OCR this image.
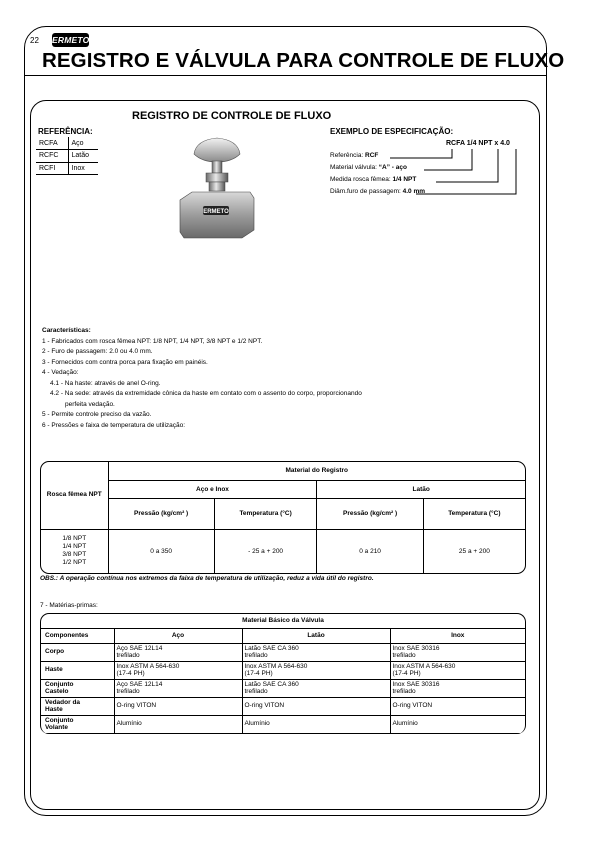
22 ERMETO
REGISTRO E VÁLVULA PARA CONTROLE DE FLUXO
REGISTRO DE CONTROLE DE FLUXO
REFERÊNCIA:
RCFA	Aço
RCFC	Latão
RCFI	Inox
ERMETO
EXEMPLO DE ESPECIFICAÇÃO:
RCFA 1/4 NPT x 4.0
Referência: RCF
Material válvula: “A” - aço
Medida rosca fêmea: 1/4 NPT
Diâm.furo de passagem: 4.0 mm
Características:
1 - Fabricados com rosca fêmea NPT: 1/8 NPT, 1/4 NPT, 3/8 NPT e 1/2 NPT.
2 - Furo de passagem: 2.0 ou 4.0 mm.
3 - Fornecidos com contra porca para fixação em painéis.
4 - Vedação:
4.1 - Na haste: através de anel O-ring.
4.2 - Na sede: através da extremidade cônica da haste em contato com o assento do corpo, proporcionando
perfeita vedação.
5 - Permite controle preciso da vazão.
6 - Pressões e faixa de temperatura de utilização:
Rosca fêmea NPT	Material do Registro			
	Aço e Inox		Latão	
	Pressão (kg/cm² )	Temperatura (°C)	Pressão (kg/cm² )	Temperatura (°C)
1/8 NPT
1/4 NPT
3/8 NPT
1/2 NPT	0 a 350	- 25 a + 200	0 a 210	25 a + 200
OBS.: A operação contínua nos extremos da faixa de temperatura de utilização, reduz a vida útil do registro.
7 - Matérias-primas:
Material Básico da Válvula			
Componentes	Aço	Latão	Inox
Corpo	Aço SAE 12L14
trefilado	Latão SAE CA 360
trefilado	Inox SAE 30316
trefilado
Haste	Inox ASTM A 564-630
(17-4 PH)	Inox ASTM A 564-630
(17-4 PH)	Inox ASTM A 564-630
(17-4 PH)
Conjunto
Castelo	Aço SAE 12L14
trefilado	Latão SAE CA 360
trefilado	Inox SAE 30316
trefilado
Vedador da
Haste	O-ring VITON	O-ring VITON	O-ring VITON
Conjunto
Volante	Alumínio	Alumínio	Alumínio
